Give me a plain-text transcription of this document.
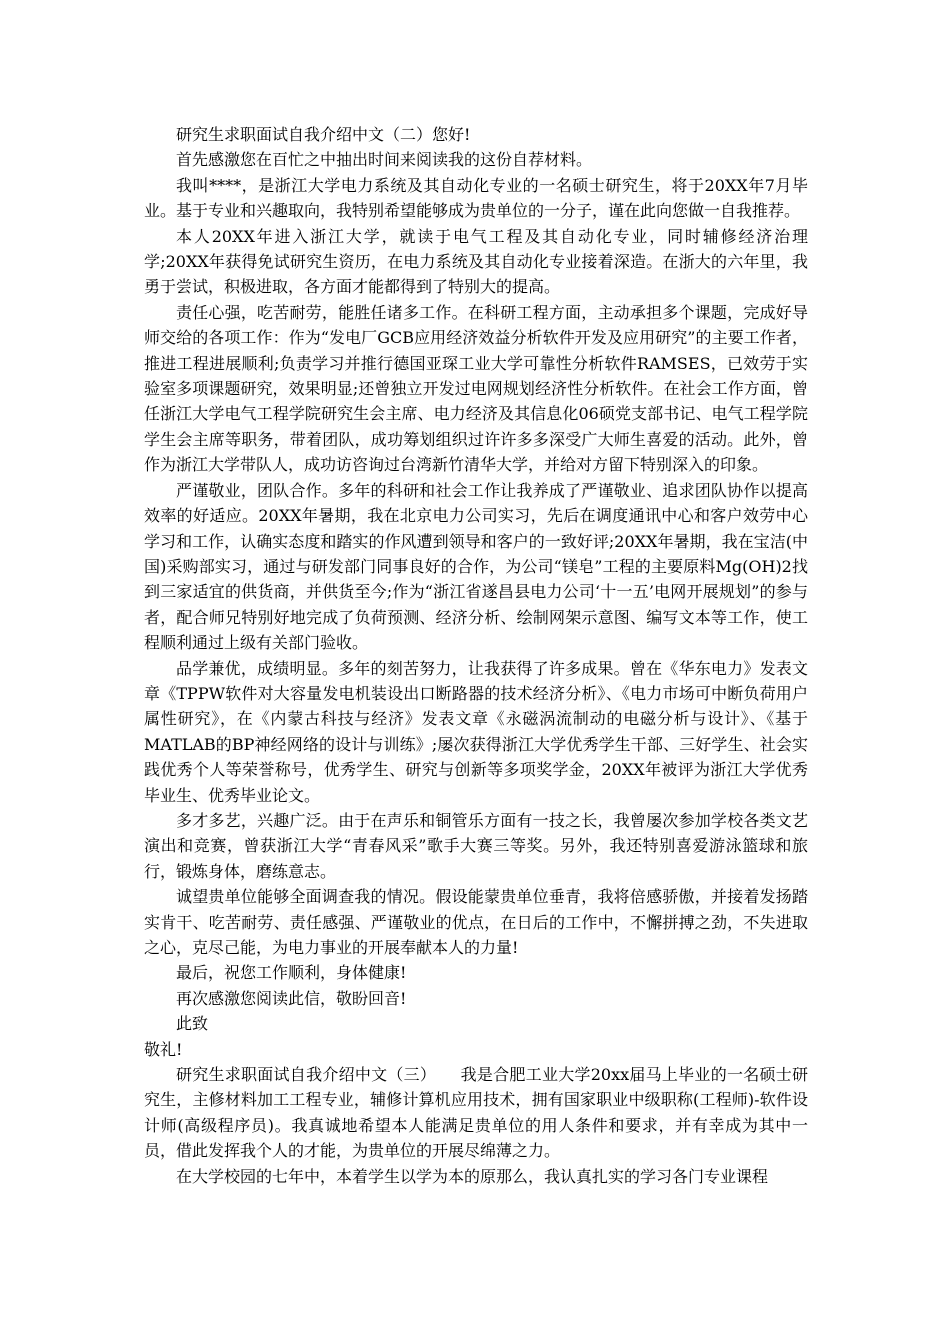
研究生求职面试自我介绍中文（二）您好!

首先感激您在百忙之中抽出时间来阅读我的这份自荐材料。

我叫****，是浙江大学电力系统及其自动化专业的一名硕士研究生，将于20XX年7月毕业。基于专业和兴趣取向，我特别希望能够成为贵单位的一分子，谨在此向您做一自我推荐。

本人20XX年进入浙江大学，就读于电气工程及其自动化专业，同时辅修经济治理学;20XX年获得免试研究生资历，在电力系统及其自动化专业接着深造。在浙大的六年里，我勇于尝试，积极进取，各方面才能都得到了特别大的提高。

责任心强，吃苦耐劳，能胜任诸多工作。在科研工程方面，主动承担多个课题，完成好导师交给的各项工作：作为“发电厂GCB应用经济效益分析软件开发及应用研究”的主要工作者，推进工程进展顺利;负责学习并推行德国亚琛工业大学可靠性分析软件RAMSES，已效劳于实验室多项课题研究，效果明显;还曾独立开发过电网规划经济性分析软件。在社会工作方面，曾任浙江大学电气工程学院研究生会主席、电力经济及其信息化06硕党支部书记、电气工程学院学生会主席等职务，带着团队，成功筹划组织过许许多多深受广大师生喜爱的活动。此外，曾作为浙江大学带队人，成功访咨询过台湾新竹清华大学，并给对方留下特别深入的印象。

严谨敬业，团队合作。多年的科研和社会工作让我养成了严谨敬业、追求团队协作以提高效率的好适应。20XX年暑期，我在北京电力公司实习，先后在调度通讯中心和客户效劳中心学习和工作，认确实态度和踏实的作风遭到领导和客户的一致好评;20XX年暑期，我在宝洁(中国)采购部实习，通过与研发部门同事良好的合作，为公司“镁皂”工程的主要原料Mg(OH)2找到三家适宜的供货商，并供货至今;作为“浙江省遂昌县电力公司‘十一五’电网开展规划”的参与者，配合师兄特别好地完成了负荷预测、经济分析、绘制网架示意图、编写文本等工作，使工程顺利通过上级有关部门验收。

品学兼优，成绩明显。多年的刻苦努力，让我获得了许多成果。曾在《华东电力》发表文章《TPPW软件对大容量发电机装设出口断路器的技术经济分析》、《电力市场可中断负荷用户属性研究》，在《内蒙古科技与经济》发表文章《永磁涡流制动的电磁分析与设计》、《基于MATLAB的BP神经网络的设计与训练》;屡次获得浙江大学优秀学生干部、三好学生、社会实践优秀个人等荣誉称号，优秀学生、研究与创新等多项奖学金，20XX年被评为浙江大学优秀毕业生、优秀毕业论文。

多才多艺，兴趣广泛。由于在声乐和铜管乐方面有一技之长，我曾屡次参加学校各类文艺演出和竞赛，曾获浙江大学“青春风采”歌手大赛三等奖。另外，我还特别喜爱游泳篮球和旅行，锻炼身体，磨练意志。

诚望贵单位能够全面调查我的情况。假设能蒙贵单位垂青，我将倍感骄傲，并接着发扬踏实肯干、吃苦耐劳、责任感强、严谨敬业的优点，在日后的工作中，不懈拼搏之劲，不失进取之心，克尽己能，为电力事业的开展奉献本人的力量!

最后，祝您工作顺利，身体健康!

再次感激您阅读此信，敬盼回音!

此致

敬礼!

研究生求职面试自我介绍中文（三）　　我是合肥工业大学20xx届马上毕业的一名硕士研究生，主修材料加工工程专业，辅修计算机应用技术，拥有国家职业中级职称(工程师)-软件设计师(高级程序员)。我真诚地希望本人能满足贵单位的用人条件和要求，并有幸成为其中一员，借此发挥我个人的才能，为贵单位的开展尽绵薄之力。

在大学校园的七年中，本着学生以学为本的原那么，我认真扎实的学习各门专业课程
